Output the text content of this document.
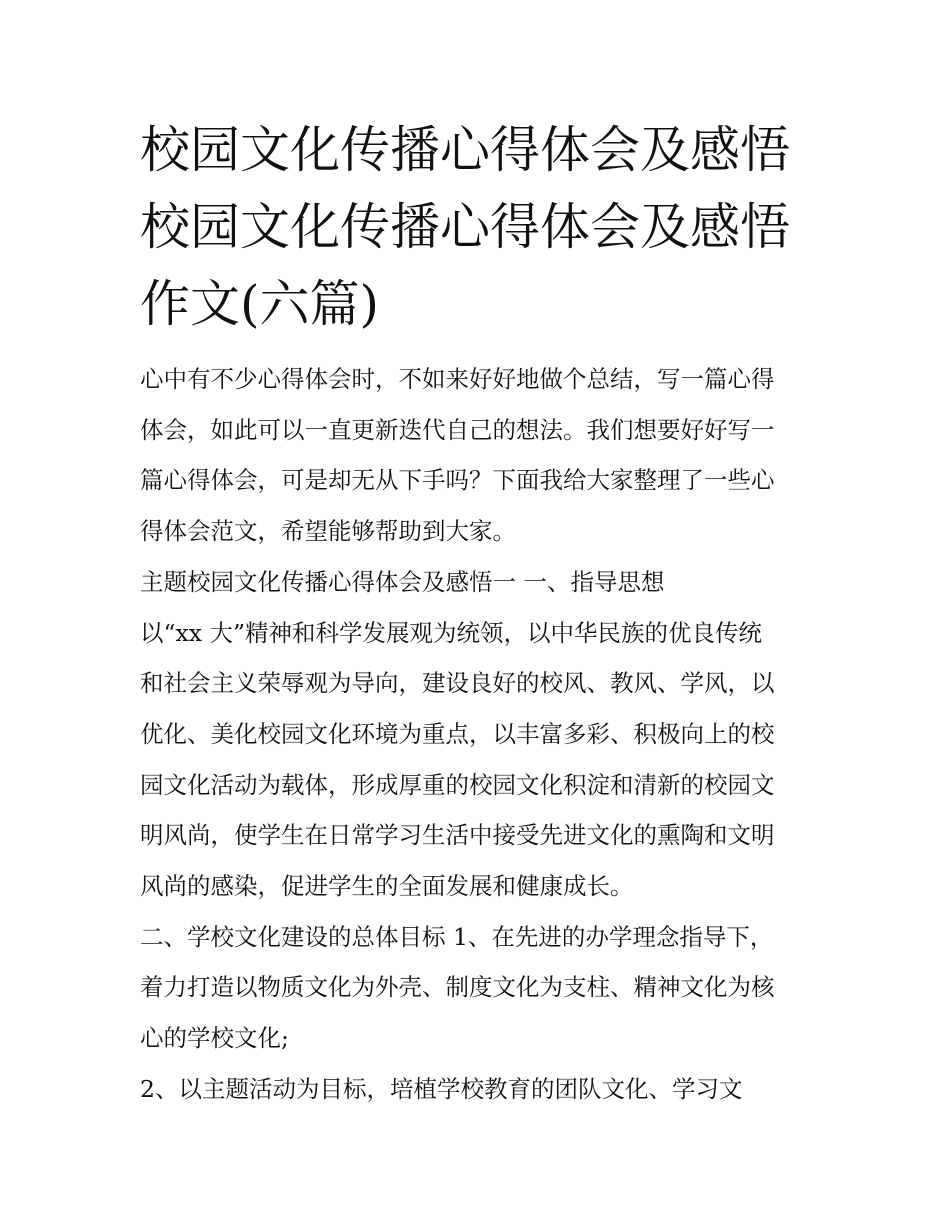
校园文化传播心得体会及感悟
校园文化传播心得体会及感悟
作文(六篇)
心中有不少心得体会时，不如来好好地做个总结，写一篇心得
体会，如此可以一直更新迭代自己的想法。我们想要好好写一
篇心得体会，可是却无从下手吗？下面我给大家整理了一些心
得体会范文，希望能够帮助到大家。
主题校园文化传播心得体会及感悟一 一、指导思想
以“xx 大”精神和科学发展观为统领，以中华民族的优良传统
和社会主义荣辱观为导向，建设良好的校风、教风、学风，以
优化、美化校园文化环境为重点，以丰富多彩、积极向上的校
园文化活动为载体，形成厚重的校园文化积淀和清新的校园文
明风尚，使学生在日常学习生活中接受先进文化的熏陶和文明
风尚的感染，促进学生的全面发展和健康成长。
二、学校文化建设的总体目标 1、在先进的办学理念指导下，
着力打造以物质文化为外壳、制度文化为支柱、精神文化为核
心的学校文化;
2、以主题活动为目标，培植学校教育的团队文化、学习文
